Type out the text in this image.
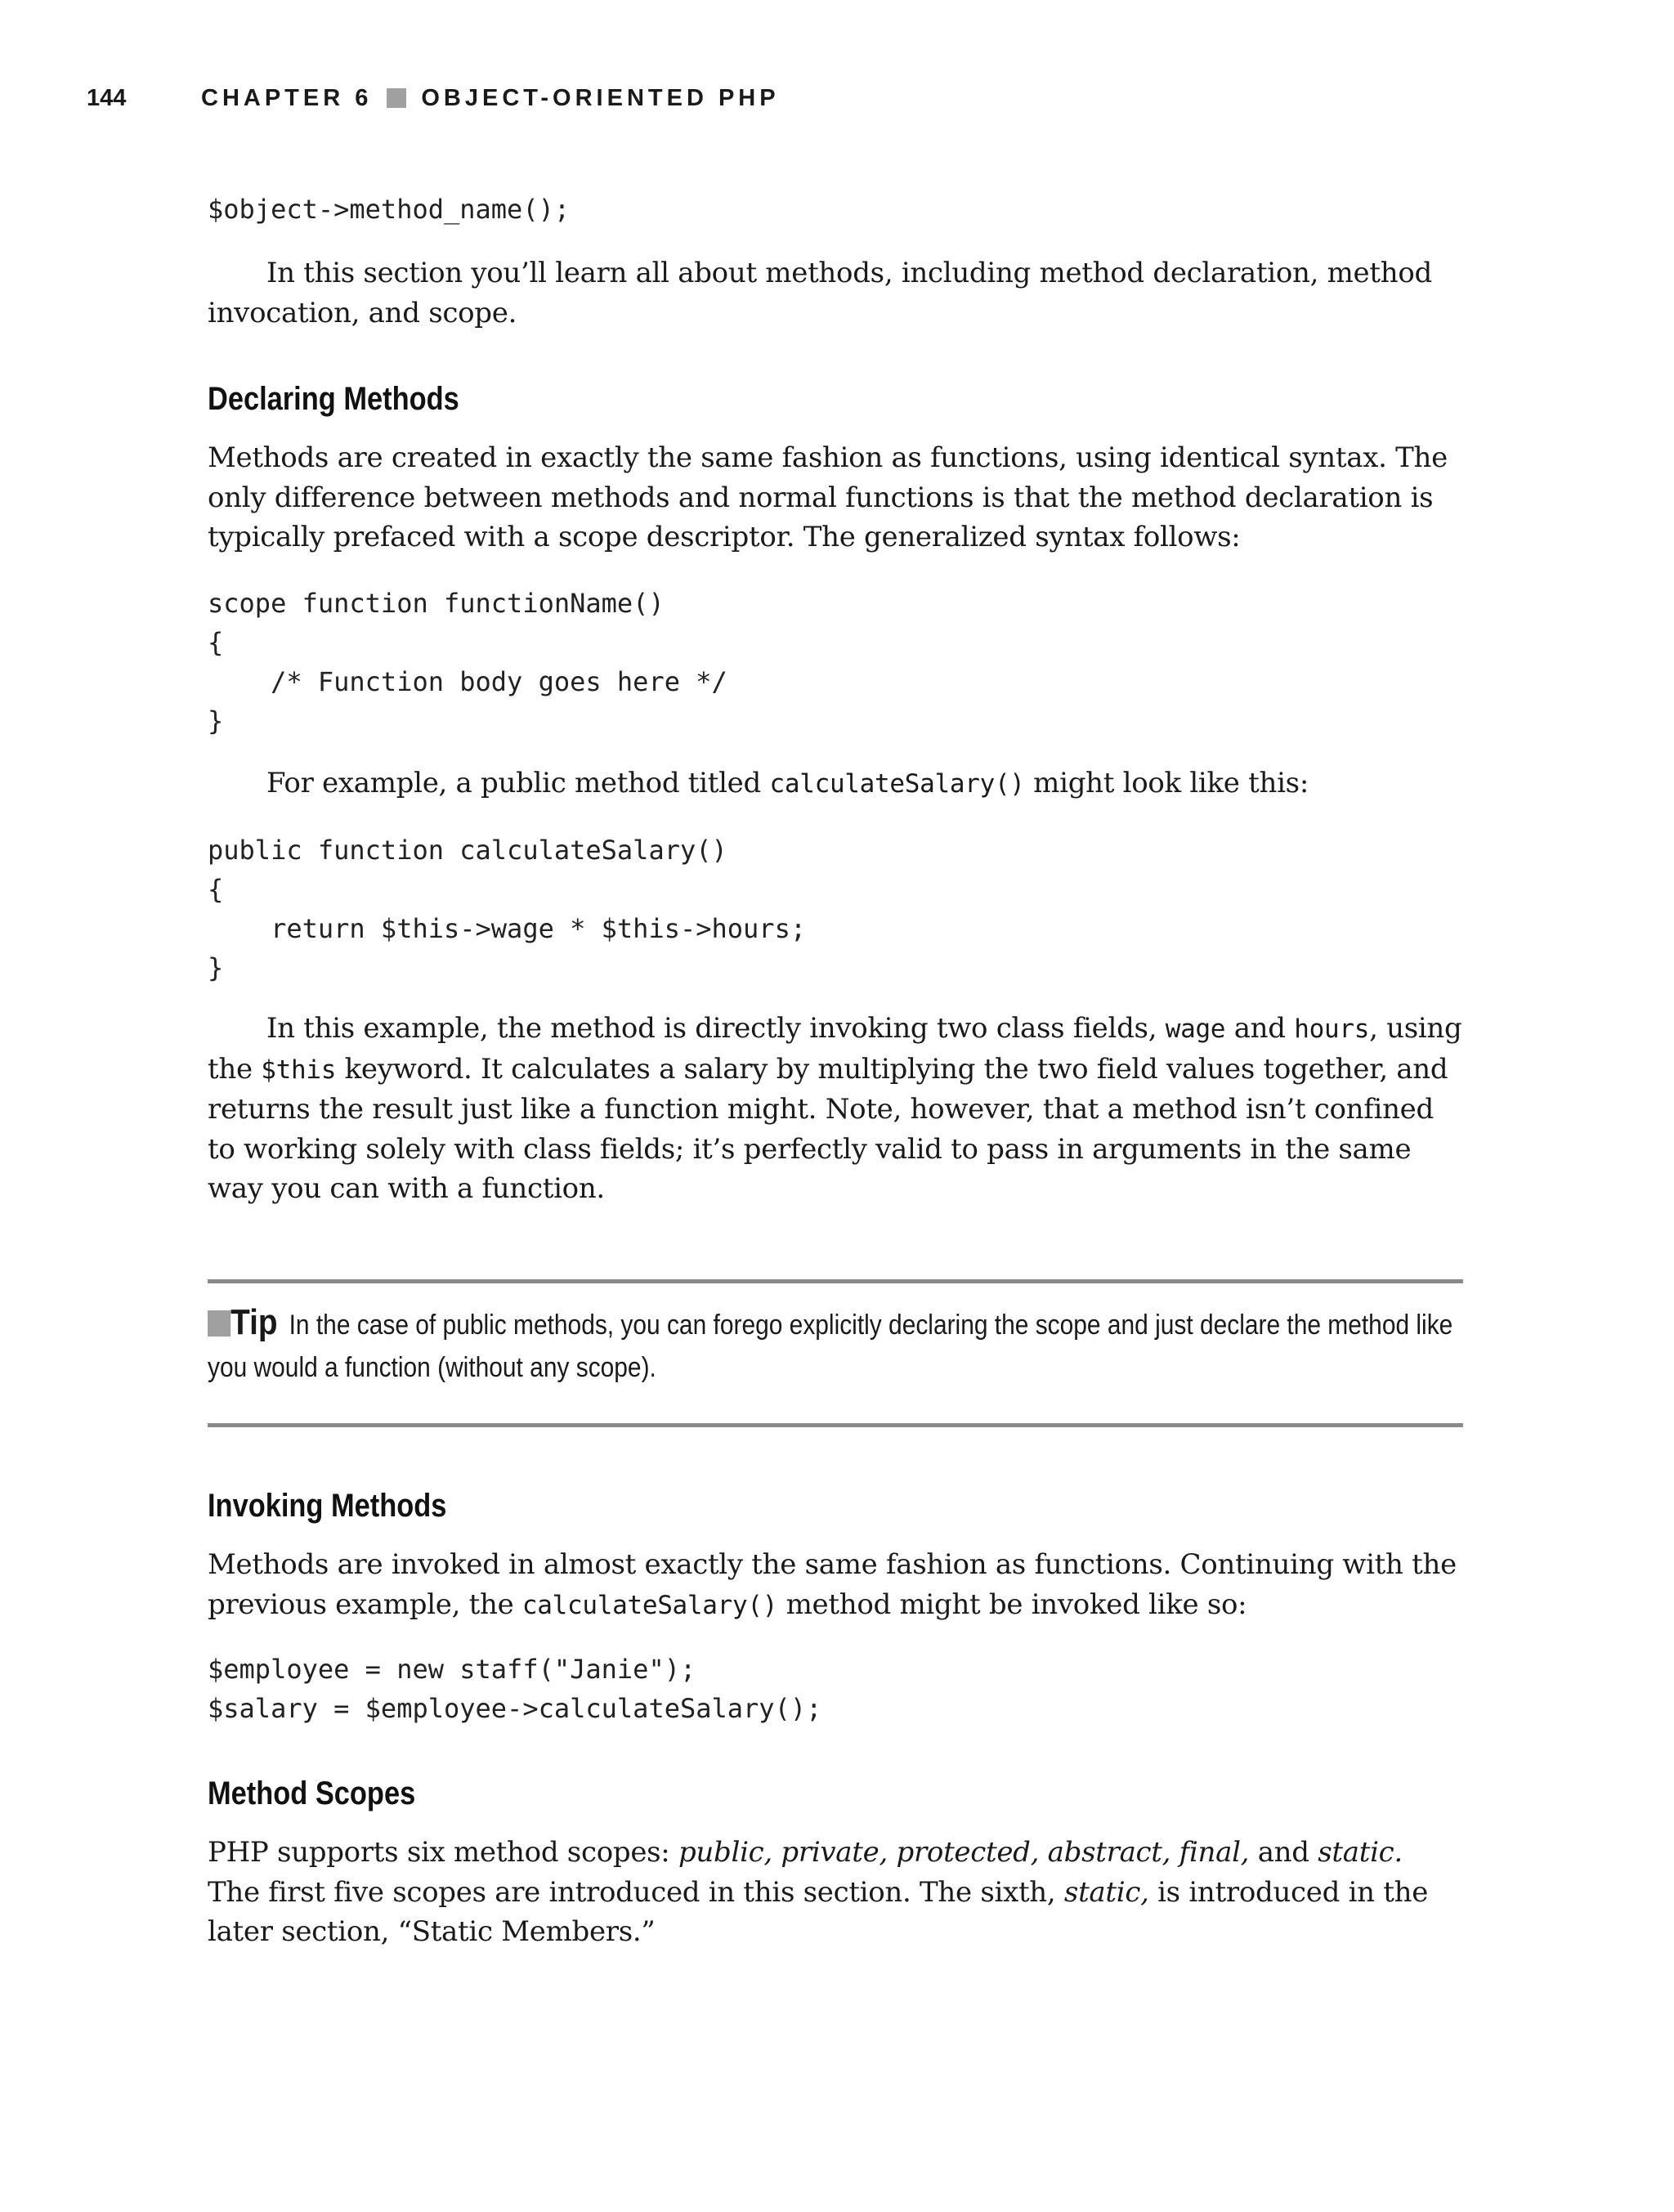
144	CHAPTER 6 OBJECT-ORIENTED PHP
$object->method_name();

In this section you’ll learn all about methods, including method declaration, method invocation, and scope.

Declaring Methods

Methods are created in exactly the same fashion as functions, using identical syntax. The only difference between methods and normal functions is that the method declaration is typically prefaced with a scope descriptor. The generalized syntax follows:

scope function functionName()
{
/* Function body goes here */
}

For example, a public method titled calculateSalary() might look like this:

public function calculateSalary()
{
return $this->wage * $this->hours;
}

In this example, the method is directly invoking two class fields, wage and hours, using the $this keyword. It calculates a salary by multiplying the two field values together, and returns the result just like a function might. Note, however, that a method isn’t confined to working solely with class fields; it’s perfectly valid to pass in arguments in the same way you can with a function.

Tip In the case of public methods, you can forego explicitly declaring the scope and just declare the method like you would a function (without any scope).
Invoking Methods

Methods are invoked in almost exactly the same fashion as functions. Continuing with the previous example, the calculateSalary() method might be invoked like so:

$employee = new staff("Janie");
$salary = $employee->calculateSalary();
Method Scopes

PHP supports six method scopes: public, private, protected, abstract, final, and static. The first five scopes are introduced in this section. The sixth, static, is introduced in the later section, “Static Members.”
